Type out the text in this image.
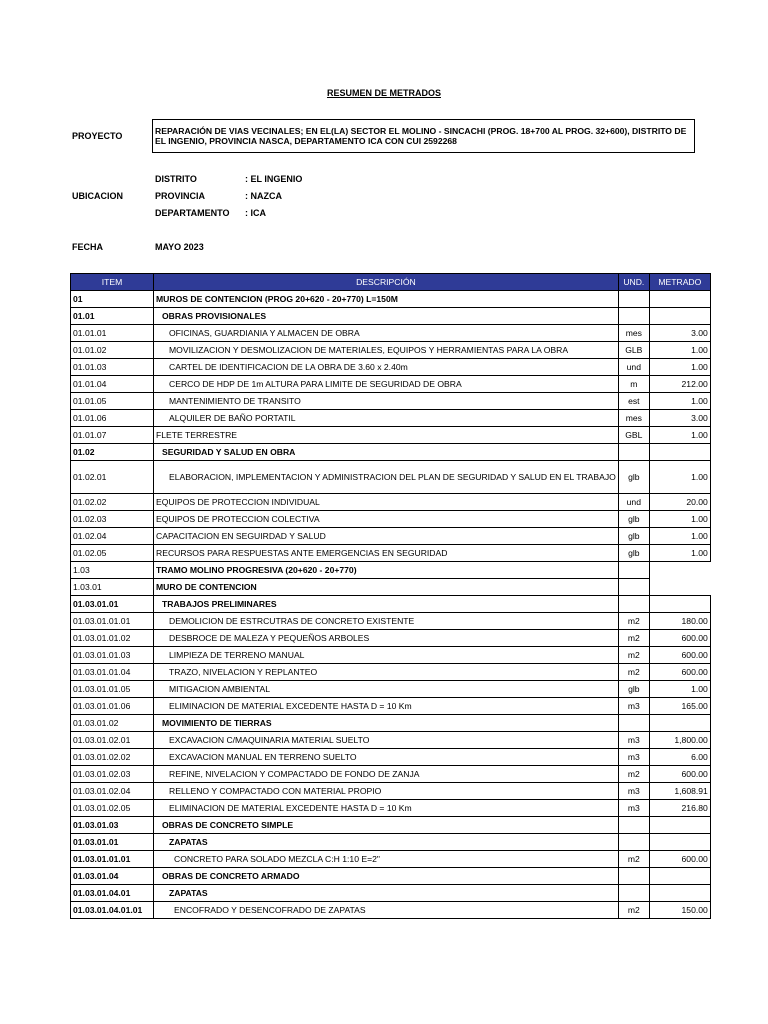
RESUMEN DE METRADOS
PROYECTO	REPARACIÓN DE VIAS VECINALES; EN EL(LA) SECTOR EL MOLINO - SINCACHI (PROG. 18+700 AL PROG. 32+600), DISTRITO DE EL INGENIO, PROVINCIA NASCA, DEPARTAMENTO ICA CON CUI 2592268
UBICACION
DISTRITO	: EL INGENIO
PROVINCIA	: NAZCA
DEPARTAMENTO : ICA
FECHA	MAYO 2023
ITEM	DESCRIPCIÓN	UND.	METRADO
01	MUROS DE CONTENCION (PROG 20+620 - 20+770) L=150M		
01.01	OBRAS PROVISIONALES		
01.01.01	OFICINAS, GUARDIANIA Y ALMACEN DE OBRA	mes	3.00
01.01.02	MOVILIZACION Y DESMOLIZACION DE MATERIALES, EQUIPOS Y HERRAMIENTAS PARA LA OBRA	GLB	1.00
01.01.03	CARTEL DE IDENTIFICACION DE LA OBRA DE 3.60 x 2.40m	und	1.00
01.01.04	CERCO DE HDP DE 1m ALTURA PARA LIMITE DE SEGURIDAD DE OBRA	m	212.00
01.01.05	MANTENIMIENTO DE TRANSITO	est	1.00
01.01.06	ALQUILER DE BAÑO PORTATIL	mes	3.00
01.01.07	FLETE TERRESTRE	GBL	1.00
01.02	SEGURIDAD Y SALUD EN OBRA		
01.02.01	ELABORACION, IMPLEMENTACION Y ADMINISTRACION DEL PLAN DE SEGURIDAD Y SALUD EN EL TRABAJO	glb	1.00
01.02.02	EQUIPOS DE PROTECCION INDIVIDUAL	und	20.00
01.02.03	EQUIPOS DE PROTECCION COLECTIVA	glb	1.00
01.02.04	CAPACITACION EN SEGUIRDAD Y SALUD	glb	1.00
01.02.05	RECURSOS PARA RESPUESTAS ANTE EMERGENCIAS EN SEGURIDAD	glb	1.00
1.03	TRAMO MOLINO PROGRESIVA (20+620 - 20+770)		
1.03.01	MURO DE CONTENCION		
01.03.01.01	TRABAJOS PRELIMINARES		
01.03.01.01.01	DEMOLICION DE ESTRCUTRAS DE CONCRETO EXISTENTE	m2	180.00
01.03.01.01.02	DESBROCE DE MALEZA Y PEQUEÑOS ARBOLES	m2	600.00
01.03.01.01.03	LIMPIEZA DE TERRENO MANUAL	m2	600.00
01.03.01.01.04	TRAZO, NIVELACION Y REPLANTEO	m2	600.00
01.03.01.01.05	MITIGACION AMBIENTAL	glb	1.00
01.03.01.01.06	ELIMINACION DE MATERIAL EXCEDENTE HASTA D = 10 Km	m3	165.00
01.03.01.02	MOVIMIENTO DE TIERRAS		
01.03.01.02.01	EXCAVACION C/MAQUINARIA MATERIAL SUELTO	m3	1,800.00
01.03.01.02.02	EXCAVACION MANUAL EN TERRENO SUELTO	m3	6.00
01.03.01.02.03	REFINE, NIVELACION Y COMPACTADO DE FONDO DE ZANJA	m2	600.00
01.03.01.02.04	RELLENO Y COMPACTADO CON MATERIAL PROPIO	m3	1,608.91
01.03.01.02.05	ELIMINACION DE MATERIAL EXCEDENTE HASTA D = 10 Km	m3	216.80
01.03.01.03	OBRAS DE CONCRETO SIMPLE		
01.03.01.01	ZAPATAS		
01.03.01.01.01	CONCRETO PARA SOLADO MEZCLA C:H 1:10 E=2"	m2	600.00
01.03.01.04	OBRAS DE CONCRETO ARMADO		
01.03.01.04.01	ZAPATAS		
01.03.01.04.01.01	ENCOFRADO Y DESENCOFRADO DE ZAPATAS	m2	150.00
